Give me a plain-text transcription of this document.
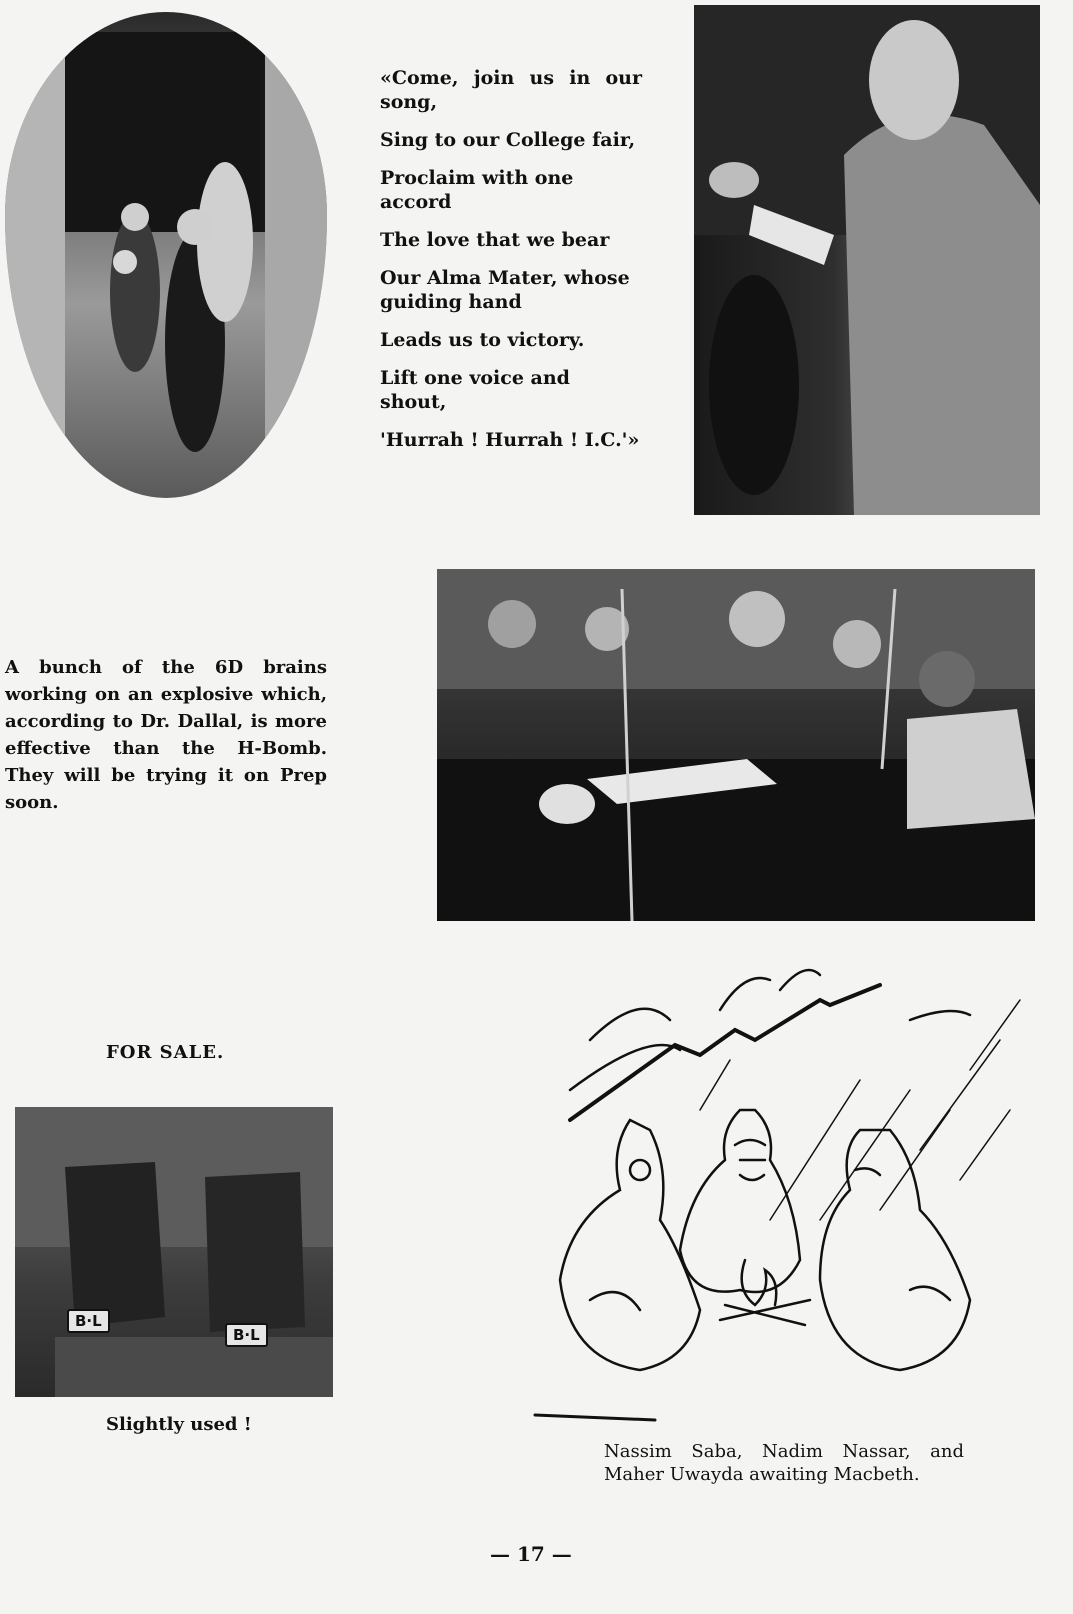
«Come, join us in our song,

Sing to our College fair,

Proclaim with one accord

The love that we bear

Our Alma Mater, whose guiding hand

Leads us to victory.

Lift one voice and shout,

'Hurrah ! Hurrah ! I.C.'»

A bunch of the 6D brains working on an explosive which, according to Dr. Dallal, is more effective than the H-Bomb. They will be trying it on Prep soon.
FOR SALE.
B·L
B·L
Slightly used !
Nassim Saba, Nadim Nassar, and Maher Uwayda awaiting Macbeth.
— 17 —
